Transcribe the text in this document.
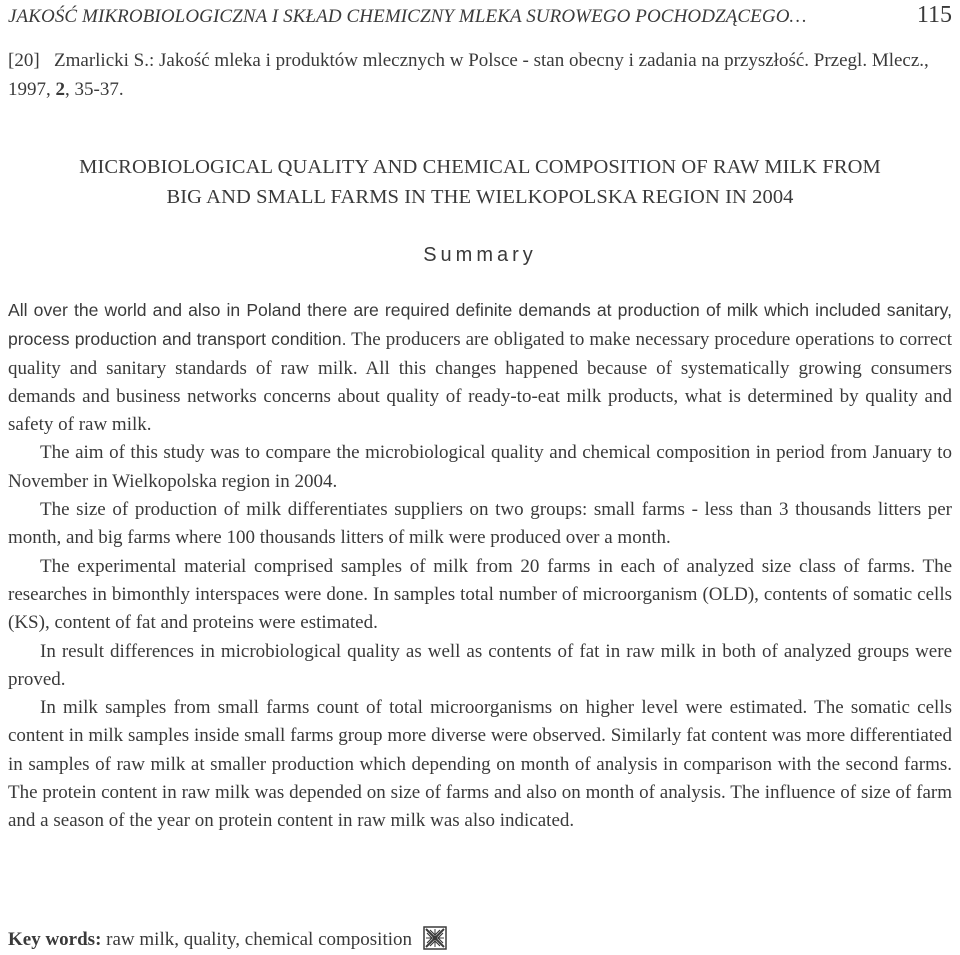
JAKOŚĆ MIKROBIOLOGICZNA I SKŁAD CHEMICZNY MLEKA SUROWEGO POCHODZĄCEGO…	115
[20] Zmarlicki S.: Jakość mleka i produktów mlecznych w Polsce - stan obecny i zadania na przyszłość. Przegl. Mlecz., 1997, 2, 35-37.
MICROBIOLOGICAL QUALITY AND CHEMICAL COMPOSITION OF RAW MILK FROM
BIG AND SMALL FARMS IN THE WIELKOPOLSKA REGION IN 2004
Summary

All over the world and also in Poland there are required definite demands at production of milk which included sanitary, process production and transport condition. The producers are obligated to make necessary procedure operations to correct quality and sanitary standards of raw milk. All this changes happened because of systematically growing consumers demands and business networks concerns about quality of ready-to-eat milk products, what is determined by quality and safety of raw milk.

The aim of this study was to compare the microbiological quality and chemical composition in period from January to November in Wielkopolska region in 2004.

The size of production of milk differentiates suppliers on two groups: small farms - less than 3 thousands litters per month, and big farms where 100 thousands litters of milk were produced over a month.

The experimental material comprised samples of milk from 20 farms in each of analyzed size class of farms. The researches in bimonthly interspaces were done. In samples total number of microorganism (OLD), contents of somatic cells (KS), content of fat and proteins were estimated.

In result differences in microbiological quality as well as contents of fat in raw milk in both of analyzed groups were proved.

In milk samples from small farms count of total microorganisms on higher level were estimated. The somatic cells content in milk samples inside small farms group more diverse were observed. Similarly fat content was more differentiated in samples of raw milk at smaller production which depending on month of analysis in comparison with the second farms. The protein content in raw milk was depended on size of farms and also on month of analysis. The influence of size of farm and a season of the year on protein content in raw milk was also indicated.

Key words: raw milk, quality, chemical composition
